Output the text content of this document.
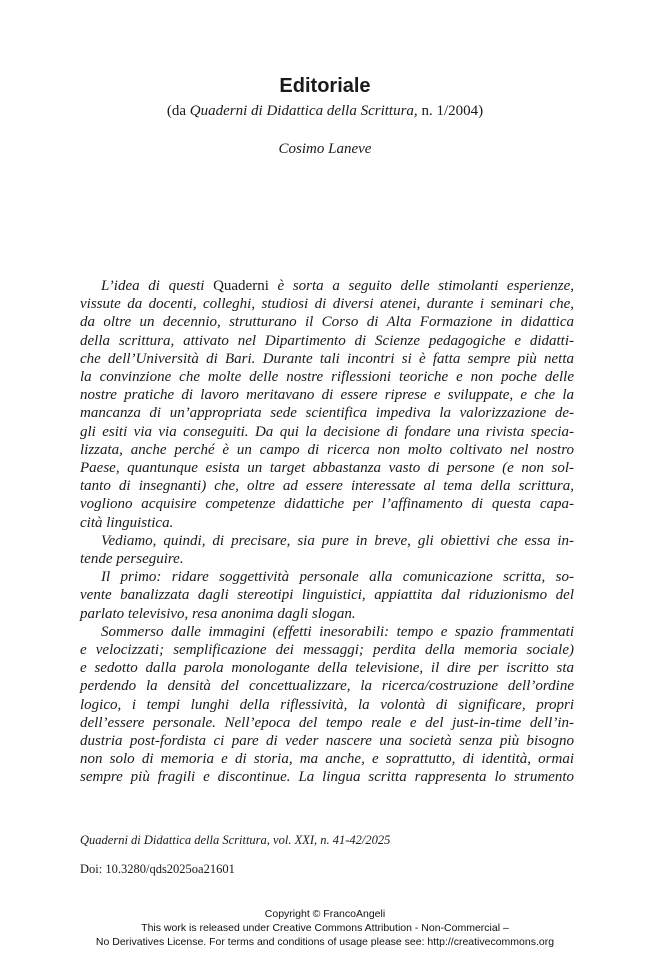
Editoriale
(da Quaderni di Didattica della Scrittura, n. 1/2004)
Cosimo Laneve
L’idea di questi Quaderni è sorta a seguito delle stimolanti esperienze,
vissute da docenti, colleghi, studiosi di diversi atenei, durante i seminari che,
da oltre un decennio, strutturano il Corso di Alta Formazione in didattica
della scrittura, attivato nel Dipartimento di Scienze pedagogiche e didatti-
che dell’Università di Bari. Durante tali incontri si è fatta sempre più netta
la convinzione che molte delle nostre riflessioni teoriche e non poche delle
nostre pratiche di lavoro meritavano di essere riprese e sviluppate, e che la
mancanza di un’appropriata sede scientifica impediva la valorizzazione de-
gli esiti via via conseguiti. Da qui la decisione di fondare una rivista specia-
lizzata, anche perché è un campo di ricerca non molto coltivato nel nostro
Paese, quantunque esista un target abbastanza vasto di persone (e non sol-
tanto di insegnanti) che, oltre ad essere interessate al tema della scrittura,
vogliono acquisire competenze didattiche per l’affinamento di questa capa-
cità linguistica.
Vediamo, quindi, di precisare, sia pure in breve, gli obiettivi che essa in-
tende perseguire.
Il primo: ridare soggettività personale alla comunicazione scritta, so-
vente banalizzata dagli stereotipi linguistici, appiattita dal riduzionismo del
parlato televisivo, resa anonima dagli slogan.
Sommerso dalle immagini (effetti inesorabili: tempo e spazio frammentati
e velocizzati; semplificazione dei messaggi; perdita della memoria sociale)
e sedotto dalla parola monologante della televisione, il dire per iscritto sta
perdendo la densità del concettualizzare, la ricerca/costruzione dell’ordine
logico, i tempi lunghi della riflessività, la volontà di significare, propri
dell’essere personale. Nell’epoca del tempo reale e del just-in-time dell’in-
dustria post-fordista ci pare di veder nascere una società senza più bisogno
non solo di memoria e di storia, ma anche, e soprattutto, di identità, ormai
sempre più fragili e discontinue. La lingua scritta rappresenta lo strumento
Quaderni di Didattica della Scrittura, vol. XXI, n. 41-42/2025
Doi: 10.3280/qds2025oa21601
Copyright © FrancoAngeli
This work is released under Creative Commons Attribution - Non-Commercial –
No Derivatives License. For terms and conditions of usage please see: http://creativecommons.org
